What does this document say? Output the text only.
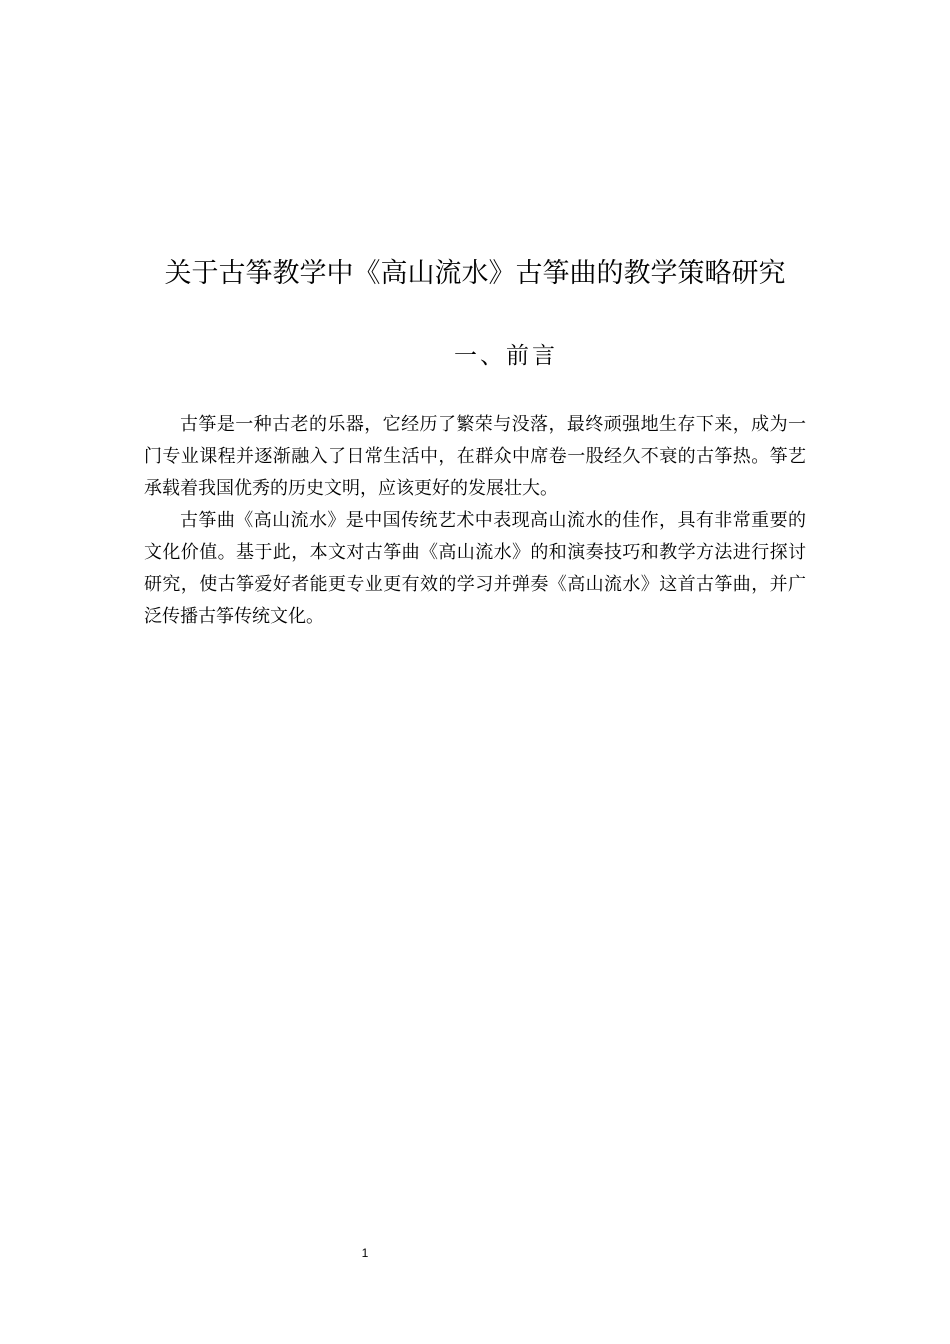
关于古筝教学中《高山流水》古筝曲的教学策略研究
一、前言

古筝是一种古老的乐器，它经历了繁荣与没落，最终顽强地生存下来，成为一门专业课程并逐渐融入了日常生活中，在群众中席卷一股经久不衰的古筝热。筝艺承载着我国优秀的历史文明，应该更好的发展壮大。

古筝曲《高山流水》是中国传统艺术中表现高山流水的佳作，具有非常重要的文化价值。基于此，本文对古筝曲《高山流水》的和演奏技巧和教学方法进行探讨研究，使古筝爱好者能更专业更有效的学习并弹奏《高山流水》这首古筝曲，并广泛传播古筝传统文化。

1
